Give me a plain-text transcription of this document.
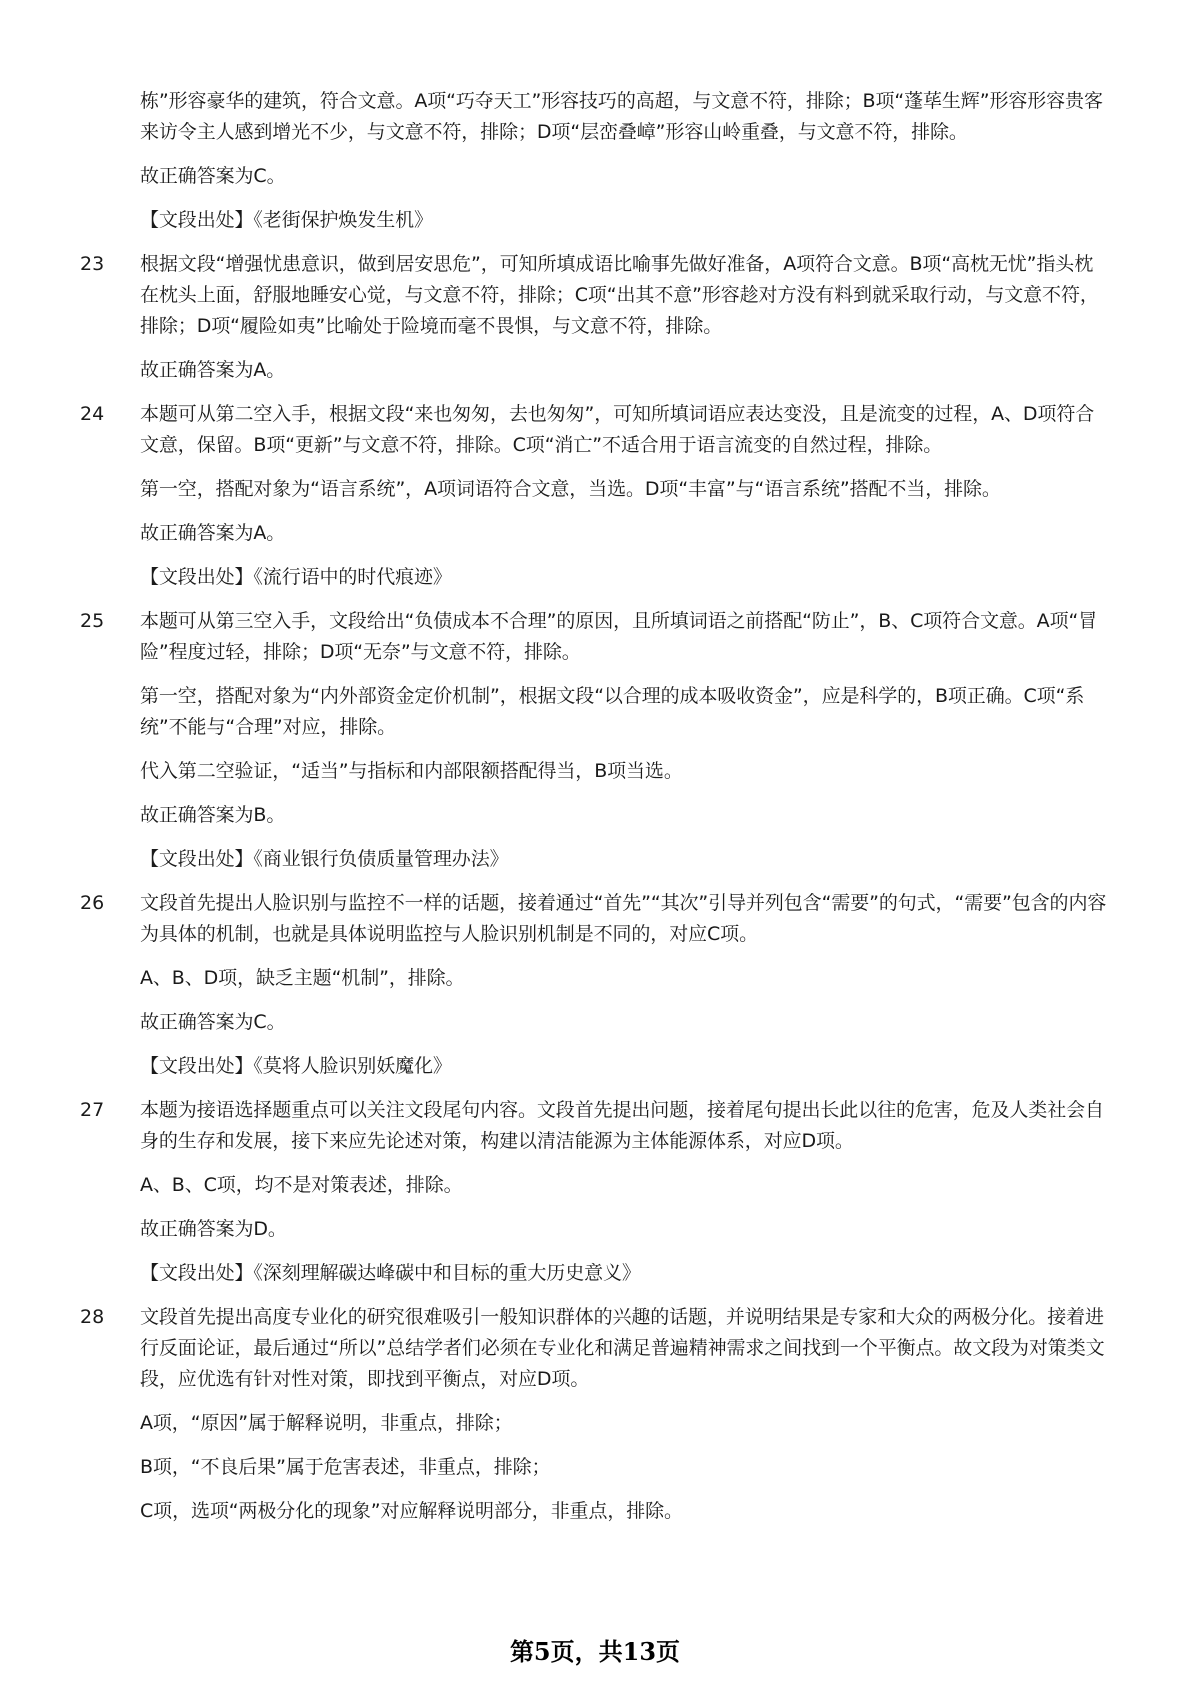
栋”形容豪华的建筑，符合文意。A项“巧夺天工”形容技巧的高超，与文意不符，排除；B项“蓬荜生辉”形容形容贵客来访令主人感到增光不少，与文意不符，排除；D项“层峦叠嶂”形容山岭重叠，与文意不符，排除。

故正确答案为C。

【文段出处】《老街保护焕发生机》

23	根据文段“增强忧患意识，做到居安思危”，可知所填成语比喻事先做好准备，A项符合文意。B项“高枕无忧”指头枕在枕头上面，舒服地睡安心觉，与文意不符，排除；C项“出其不意”形容趁对方没有料到就采取行动，与文意不符，排除；D项“履险如夷”比喻处于险境而毫不畏惧，与文意不符，排除。

故正确答案为A。

24	本题可从第二空入手，根据文段“来也匆匆，去也匆匆”，可知所填词语应表达变没，且是流变的过程，A、D项符合文意，保留。B项“更新”与文意不符，排除。C项“消亡”不适合用于语言流变的自然过程，排除。

第一空，搭配对象为“语言系统”，A项词语符合文意，当选。D项“丰富”与“语言系统”搭配不当，排除。

故正确答案为A。

【文段出处】《流行语中的时代痕迹》

25	本题可从第三空入手，文段给出“负债成本不合理”的原因，且所填词语之前搭配“防止”，B、C项符合文意。A项“冒险”程度过轻，排除；D项“无奈”与文意不符，排除。

第一空，搭配对象为“内外部资金定价机制”，根据文段“以合理的成本吸收资金”，应是科学的，B项正确。C项“系统”不能与“合理”对应，排除。

代入第二空验证，“适当”与指标和内部限额搭配得当，B项当选。

故正确答案为B。

【文段出处】《商业银行负债质量管理办法》

26	文段首先提出人脸识别与监控不一样的话题，接着通过“首先”“其次”引导并列包含“需要”的句式，“需要”包含的内容为具体的机制，也就是具体说明监控与人脸识别机制是不同的，对应C项。

A、B、D项，缺乏主题“机制”，排除。

故正确答案为C。

【文段出处】《莫将人脸识别妖魔化》

27	本题为接语选择题重点可以关注文段尾句内容。文段首先提出问题，接着尾句提出长此以往的危害，危及人类社会自身的生存和发展，接下来应先论述对策，构建以清洁能源为主体能源体系，对应D项。

A、B、C项，均不是对策表述，排除。

故正确答案为D。

【文段出处】《深刻理解碳达峰碳中和目标的重大历史意义》

28	文段首先提出高度专业化的研究很难吸引一般知识群体的兴趣的话题，并说明结果是专家和大众的两极分化。接着进行反面论证，最后通过“所以”总结学者们必须在专业化和满足普遍精神需求之间找到一个平衡点。故文段为对策类文段，应优选有针对性对策，即找到平衡点，对应D项。

A项，“原因”属于解释说明，非重点，排除；

B项，“不良后果”属于危害表述，非重点，排除；

C项，选项“两极分化的现象”对应解释说明部分，非重点，排除。

第5页，共13页
